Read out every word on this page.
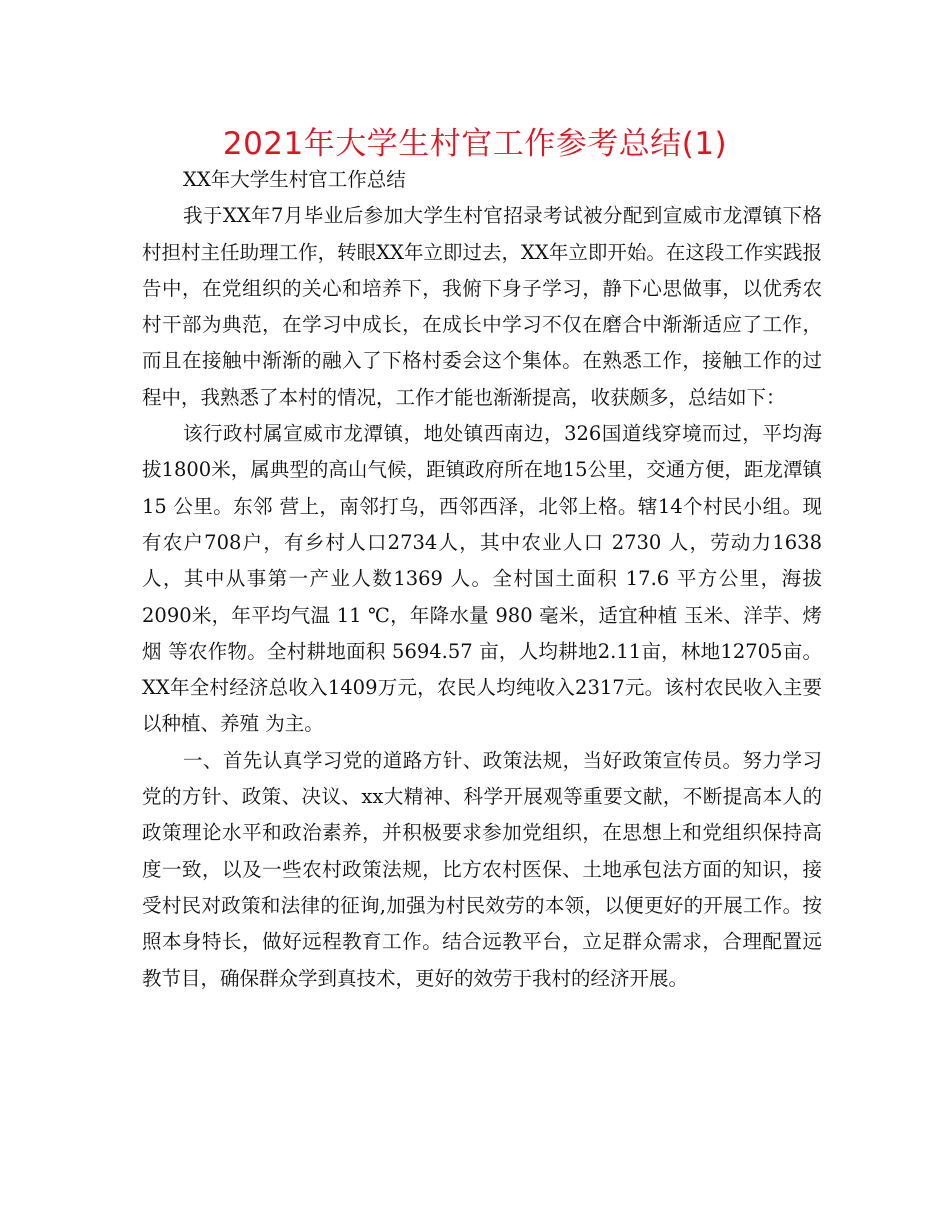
2021年大学生村官工作参考总结(1)

XX年大学生村官工作总结

我于XX年7月毕业后参加大学生村官招录考试被分配到宣威市龙潭镇下格村担村主任助理工作，转眼XX年立即过去，XX年立即开始。在这段工作实践报告中，在党组织的关心和培养下，我俯下身子学习，静下心思做事，以优秀农村干部为典范，在学习中成长，在成长中学习不仅在磨合中渐渐适应了工作，而且在接触中渐渐的融入了下格村委会这个集体。在熟悉工作，接触工作的过程中，我熟悉了本村的情况，工作才能也渐渐提高，收获颇多，总结如下：

该行政村属宣威市龙潭镇，地处镇西南边，326国道线穿境而过，平均海拔1800米，属典型的高山气候，距镇政府所在地15公里，交通方便，距龙潭镇15 公里。东邻 营上，南邻打乌，西邻西泽，北邻上格。辖14个村民小组。现有农户708户，有乡村人口2734人，其中农业人口 2730 人，劳动力1638人，其中从事第一产业人数1369 人。全村国土面积 17.6 平方公里，海拔2090米，年平均气温 11 ℃，年降水量 980 毫米，适宜种植 玉米、洋芋、烤烟 等农作物。全村耕地面积 5694.57 亩，人均耕地2.11亩，林地12705亩。XX年全村经济总收入1409万元，农民人均纯收入2317元。该村农民收入主要以种植、养殖 为主。

一、首先认真学习党的道路方针、政策法规，当好政策宣传员。努力学习党的方针、政策、决议、xx大精神、科学开展观等重要文献，不断提高本人的政策理论水平和政治素养，并积极要求参加党组织，在思想上和党组织保持高度一致，以及一些农村政策法规，比方农村医保、土地承包法方面的知识，接受村民对政策和法律的征询,加强为村民效劳的本领，以便更好的开展工作。按照本身特长，做好远程教育工作。结合远教平台，立足群众需求，合理配置远教节目，确保群众学到真技术，更好的效劳于我村的经济开展。
